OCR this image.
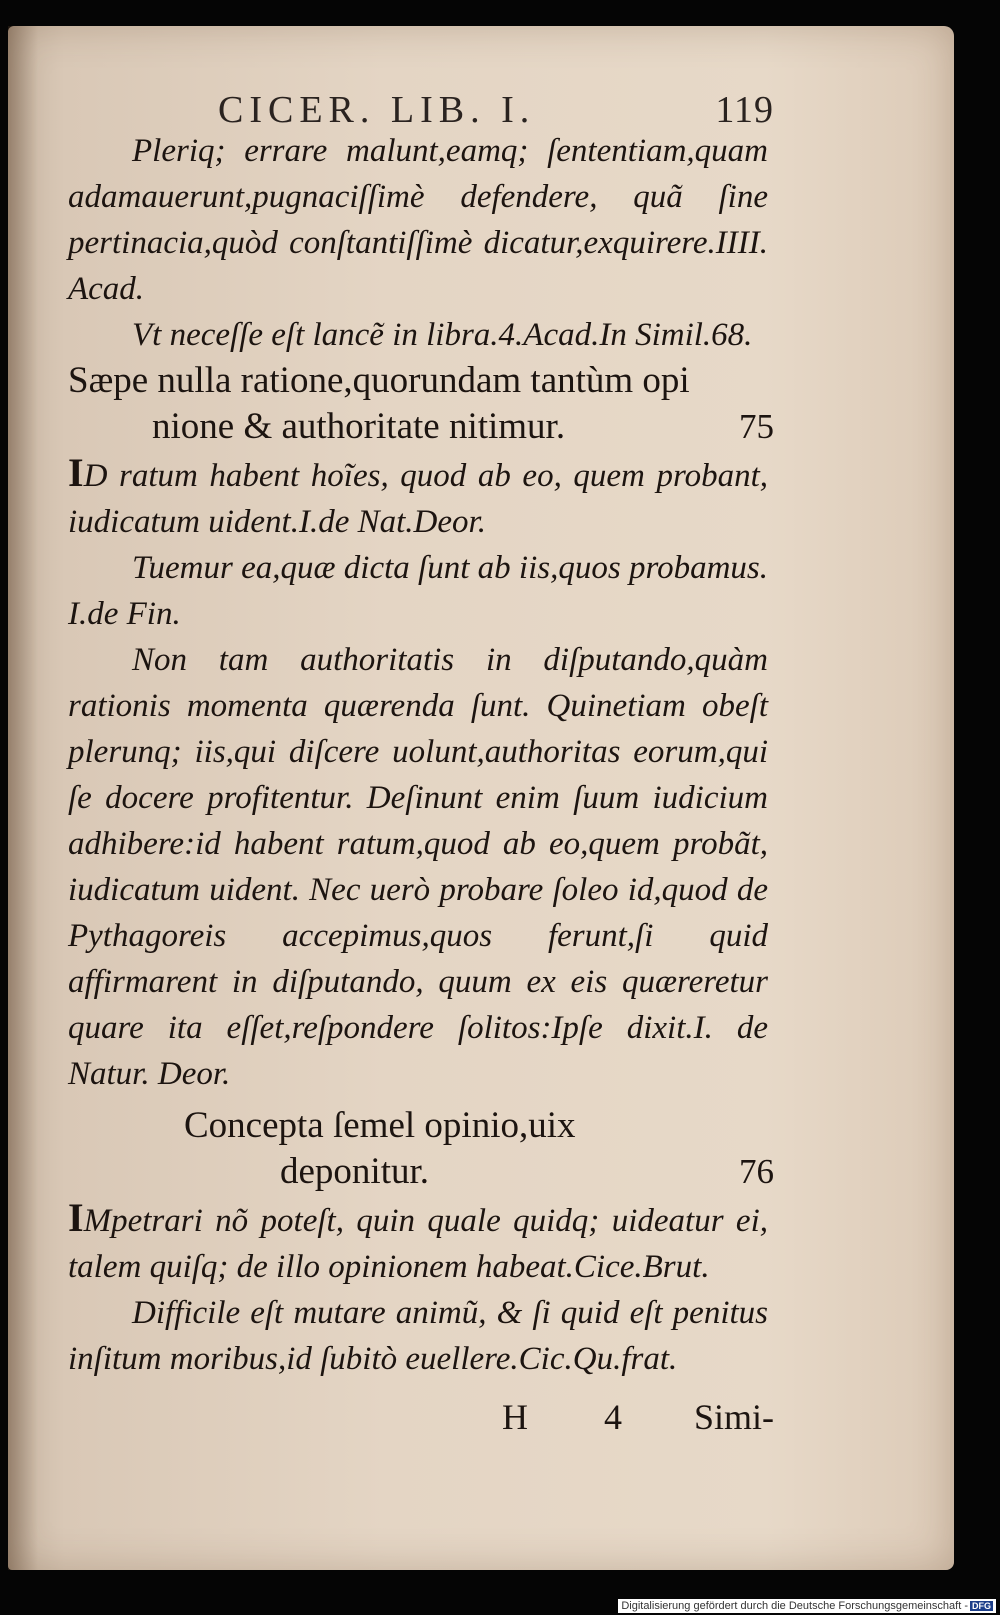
CICER. LIB. I.	119

Pleriq; errare malunt,eamq; ſententiam,quam adamauerunt,pugnaciſſimè defendere, quã ſine pertinacia,quòd conſtantiſſimè dicatur,exquirere.IIII. Acad.

Vt neceſſe eſt lancẽ in libra.4.Acad.In Simil.68.

Sæpe nulla ratione,quorundam tantùm opi
nione & authoritate nitimur.	75

ID ratum habent hoĩes, quod ab eo, quem probant, iudicatum uident.I.de Nat.Deor.

Tuemur ea,quæ dicta ſunt ab iis,quos probamus. I.de Fin.

Non tam authoritatis in diſputando,quàm rationis momenta quærenda ſunt. Quinetiam obeſt plerunq; iis,qui diſcere uolunt,authoritas eorum,qui ſe docere profitentur. Deſinunt enim ſuum iudicium adhibere:id habent ratum,quod ab eo,quem probãt, iudicatum uident. Nec uerò probare ſoleo id,quod de Pythagoreis accepimus,quos ferunt,ſi quid affirmarent in diſputando, quum ex eis quæreretur quare ita eſſet,reſpondere ſolitos:Ipſe dixit.I. de Natur. Deor.

Concepta ſemel opinio,uix
deponitur.	76

IMpetrari nõ poteſt, quin quale quidq; uideatur ei, talem quiſq; de illo opinionem habeat.Cice.Brut.

Difficile eſt mutare animũ, & ſi quid eſt penitus inſitum moribus,id ſubitò euellere.Cic.Qu.frat.

H 4 Simi-
Digitalisierung gefördert durch die Deutsche Forschungsgemeinschaft - DFG
